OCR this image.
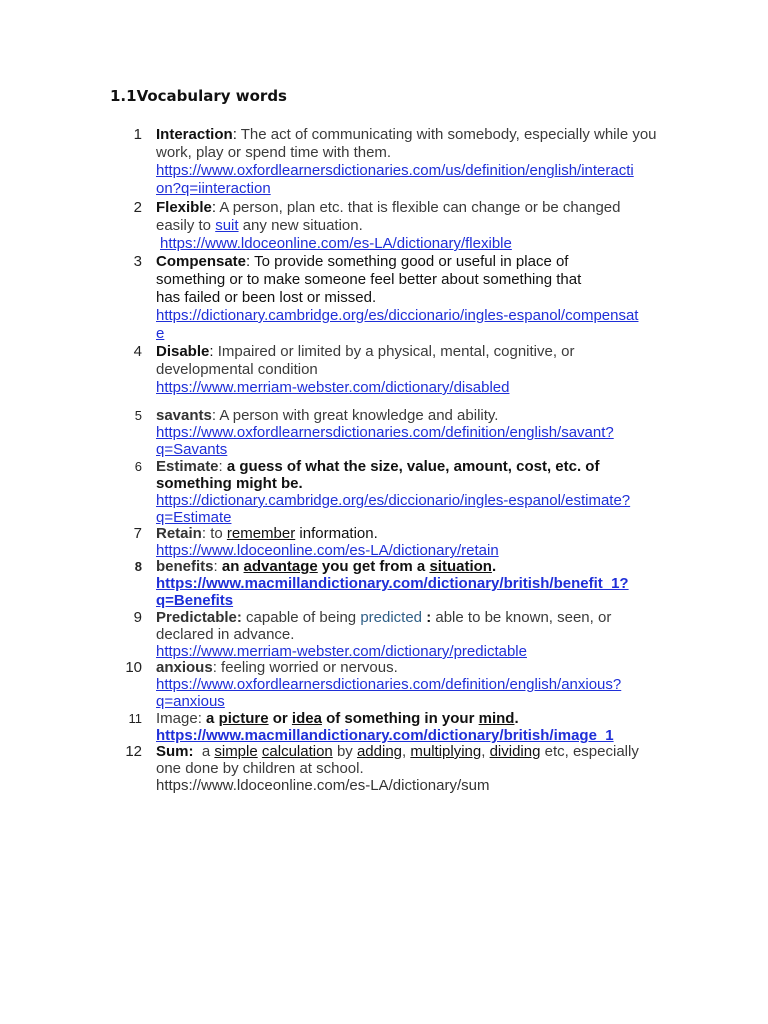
1.1Vocabulary words
1 Interaction: The act of communicating with somebody, especially while you work, play or spend time with them.
https://www.oxfordlearnersdictionaries.com/us/definition/english/interacti
on?q=iinteraction
2 Flexible: A person, plan etc. that is flexible can change or be changed easily to suit any new situation.
https://www.ldoceonline.com/es-LA/dictionary/flexible
3 Compensate: To provide something good or useful in place of
something or to make someone feel better about something that
has failed or been lost or missed.
https://dictionary.cambridge.org/es/diccionario/ingles-espanol/compensat
e
4 Disable: Impaired or limited by a physical, mental, cognitive, or
developmental condition
https://www.merriam-webster.com/dictionary/disabled
5 savants: A person with great knowledge and ability.
https://www.oxfordlearnersdictionaries.com/definition/english/savant?
q=Savants
6 Estimate: a guess of what the size, value, amount, cost, etc. of
something might be.
https://dictionary.cambridge.org/es/diccionario/ingles-espanol/estimate?
q=Estimate
7 Retain: to remember information.
https://www.ldoceonline.com/es-LA/dictionary/retain
8 benefits: an advantage you get from a situation.
https://www.macmillandictionary.com/dictionary/british/benefit_1?
q=Benefits
9 Predictable: capable of being predicted : able to be known, seen, or
declared in advance.
https://www.merriam-webster.com/dictionary/predictable
10 anxious: feeling worried or nervous.
https://www.oxfordlearnersdictionaries.com/definition/english/anxious?
q=anxious
11 Image: a picture or idea of something in your mind.
https://www.macmillandictionary.com/dictionary/british/image_1
12 Sum:  a simple calculation by adding, multiplying, dividing etc, especially
one done by children at school.
https://www.ldoceonline.com/es-LA/dictionary/sum
